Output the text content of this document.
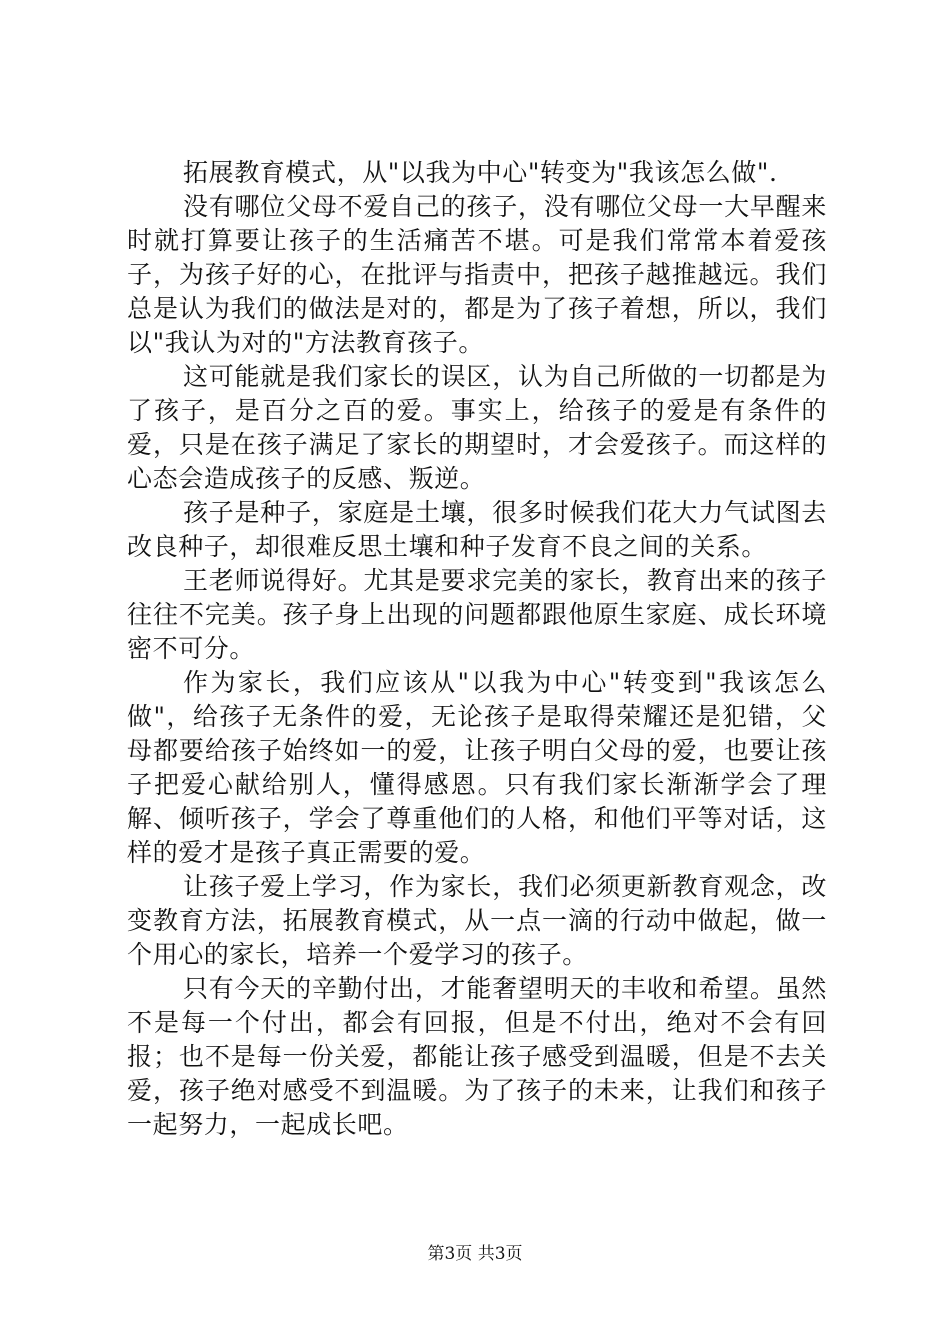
拓展教育模式，从"以我为中心"转变为"我该怎么做".

没有哪位父母不爱自己的孩子，没有哪位父母一大早醒来时就打算要让孩子的生活痛苦不堪。可是我们常常本着爱孩子，为孩子好的心，在批评与指责中，把孩子越推越远。我们总是认为我们的做法是对的，都是为了孩子着想，所以，我们以"我认为对的"方法教育孩子。

这可能就是我们家长的误区，认为自己所做的一切都是为了孩子，是百分之百的爱。事实上，给孩子的爱是有条件的爱，只是在孩子满足了家长的期望时，才会爱孩子。而这样的心态会造成孩子的反感、叛逆。

孩子是种子，家庭是土壤，很多时候我们花大力气试图去改良种子，却很难反思土壤和种子发育不良之间的关系。

王老师说得好。尤其是要求完美的家长，教育出来的孩子往往不完美。孩子身上出现的问题都跟他原生家庭、成长环境密不可分。

作为家长，我们应该从"以我为中心"转变到"我该怎么做"，给孩子无条件的爱，无论孩子是取得荣耀还是犯错，父母都要给孩子始终如一的爱，让孩子明白父母的爱，也要让孩子把爱心献给别人，懂得感恩。只有我们家长渐渐学会了理解、倾听孩子，学会了尊重他们的人格，和他们平等对话，这样的爱才是孩子真正需要的爱。

让孩子爱上学习，作为家长，我们必须更新教育观念，改变教育方法，拓展教育模式，从一点一滴的行动中做起，做一个用心的家长，培养一个爱学习的孩子。

只有今天的辛勤付出，才能奢望明天的丰收和希望。虽然不是每一个付出，都会有回报，但是不付出，绝对不会有回报；也不是每一份关爱，都能让孩子感受到温暖，但是不去关爱，孩子绝对感受不到温暖。为了孩子的未来，让我们和孩子一起努力，一起成长吧。

第3页 共3页
